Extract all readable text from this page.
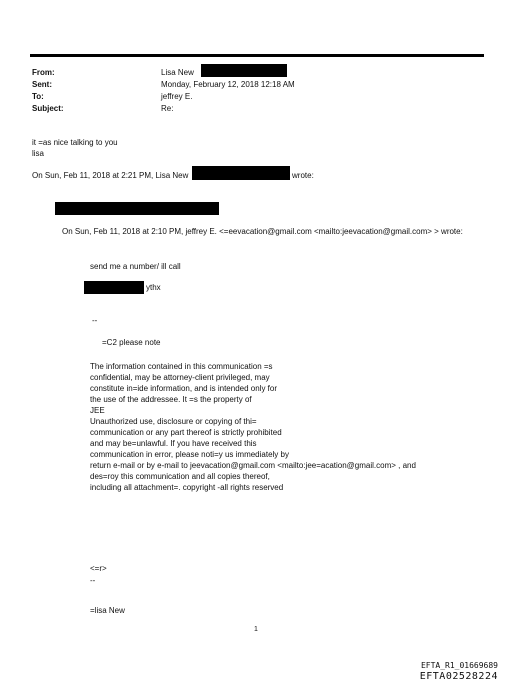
From:	Lisa New
Sent:	Monday, February 12, 2018 12:18 AM
To:	jeffrey E.
Subject:	Re:
it =as nice talking to you
lisa
On Sun, Feb 11, 2018 at 2:21 PM, Lisa New	wrote:
On Sun, Feb 11, 2018 at 2:10 PM, jeffrey E. <=eevacation@gmail.com <mailto:jeevacation@gmail.com> > wrote:
send me a number/ ill call
ythx
--
=C2 please note
The information contained in this communication =s
confidential, may be attorney-client privileged, may
constitute in=ide information, and is intended only for
the use of the addressee. It =s the property of
JEE
Unauthorized use, disclosure or copying of thi=
communication or any part thereof is strictly prohibited
and may be=unlawful. If you have received this
communication in error, please noti=y us immediately by
return e-mail or by e-mail to jeevacation@gmail.com <mailto:jee=acation@gmail.com> , and
des=roy this communication and all copies thereof,
including all attachment=. copyright -all rights reserved
<=r>
--
=lisa New
1
EFTA_R1_01669689
EFTA02528224
